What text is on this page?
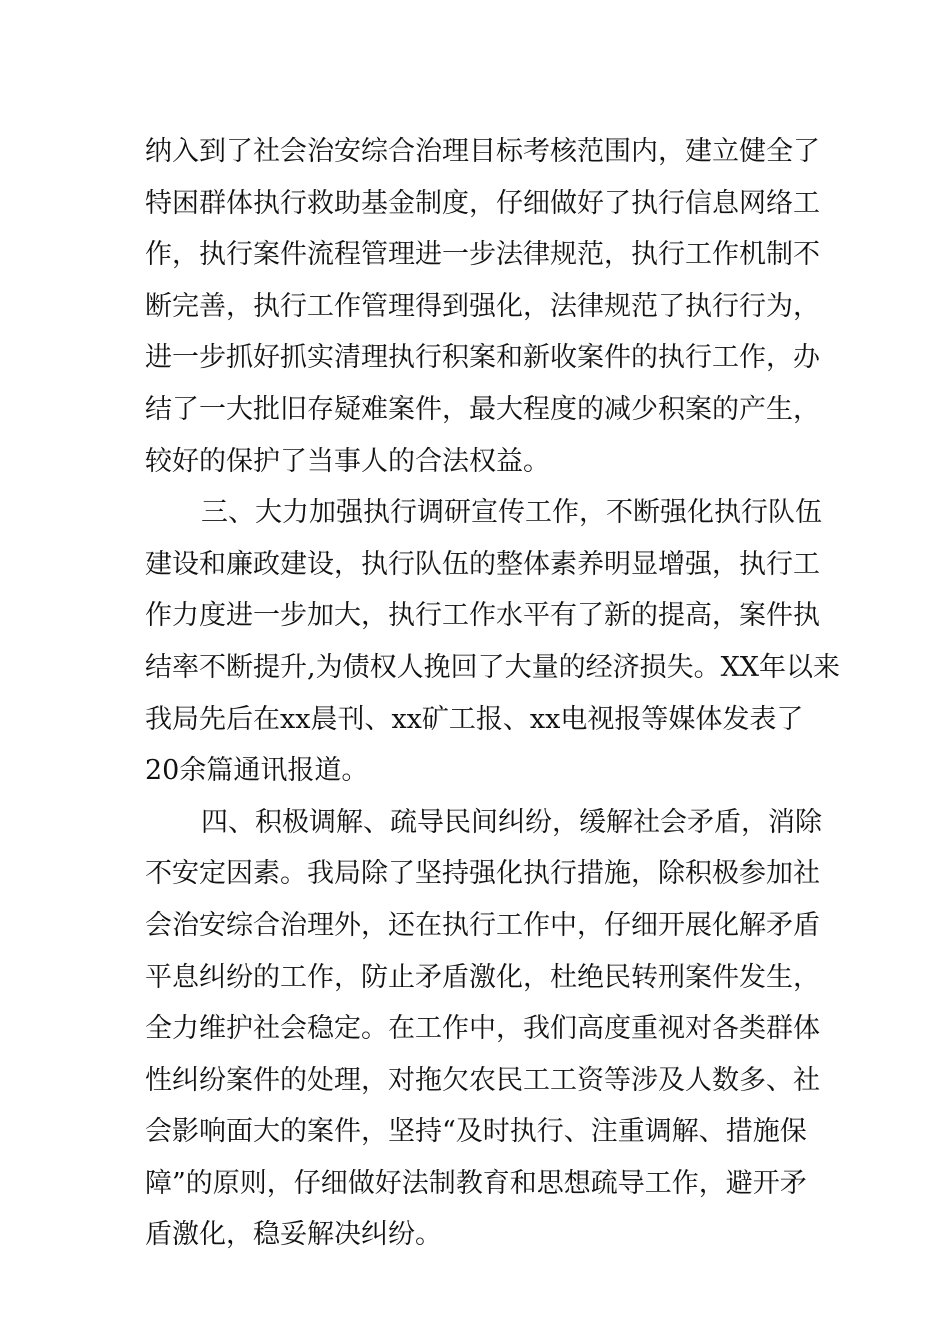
纳入到了社会治安综合治理目标考核范围内，建立健全了
特困群体执行救助基金制度，仔细做好了执行信息网络工
作，执行案件流程管理进一步法律规范，执行工作机制不
断完善，执行工作管理得到强化，法律规范了执行行为，
进一步抓好抓实清理执行积案和新收案件的执行工作，办
结了一大批旧存疑难案件，最大程度的减少积案的产生，
较好的保护了当事人的合法权益。
三、大力加强执行调研宣传工作，不断强化执行队伍
建设和廉政建设，执行队伍的整体素养明显增强，执行工
作力度进一步加大，执行工作水平有了新的提高，案件执
结率不断提升,为债权人挽回了大量的经济损失。XX年以来
我局先后在xx晨刊、xx矿工报、xx电视报等媒体发表了
20余篇通讯报道。
四、积极调解、疏导民间纠纷，缓解社会矛盾，消除
不安定因素。我局除了坚持强化执行措施，除积极参加社
会治安综合治理外，还在执行工作中，仔细开展化解矛盾
平息纠纷的工作，防止矛盾激化，杜绝民转刑案件发生，
全力维护社会稳定。在工作中，我们高度重视对各类群体
性纠纷案件的处理，对拖欠农民工工资等涉及人数多、社
会影响面大的案件，坚持“及时执行、注重调解、措施保
障”的原则，仔细做好法制教育和思想疏导工作，避开矛
盾激化，稳妥解决纠纷。
